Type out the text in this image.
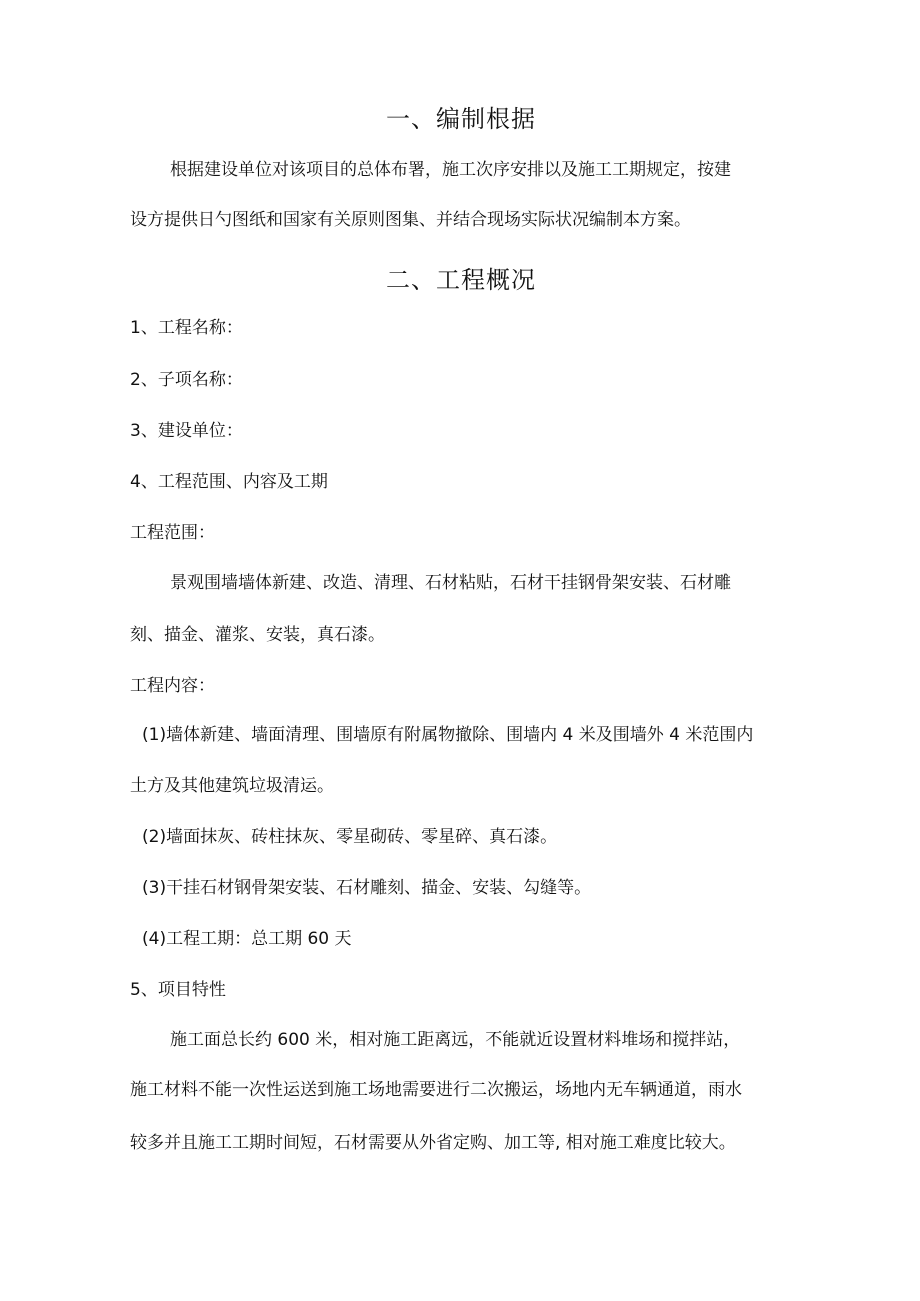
一、编制根据
根据建设单位对该项目的总体布署，施工次序安排以及施工工期规定，按建
设方提供日勺图纸和国家有关原则图集、并结合现场实际状况编制本方案。
二、工程概况
1、工程名称：
2、子项名称：
3、建设单位：
4、工程范围、内容及工期
工程范围：
景观围墙墙体新建、改造、清理、石材粘贴，石材干挂钢骨架安装、石材雕
刻、描金、灌浆、安装，真石漆。
工程内容：
(1)墙体新建、墙面清理、围墙原有附属物撤除、围墙内 4 米及围墙外 4 米范围内
土方及其他建筑垃圾清运。
(2)墙面抹灰、砖柱抹灰、零星砌砖、零星碎、真石漆。
(3)干挂石材钢骨架安装、石材雕刻、描金、安装、勾缝等。
(4)工程工期：总工期 60 天
5、项目特性
施工面总长约 600 米，相对施工距离远，不能就近设置材料堆场和搅拌站，
施工材料不能一次性运送到施工场地需要进行二次搬运，场地内无车辆通道，雨水
较多并且施工工期时间短，石材需要从外省定购、加工等, 相对施工难度比较大。
